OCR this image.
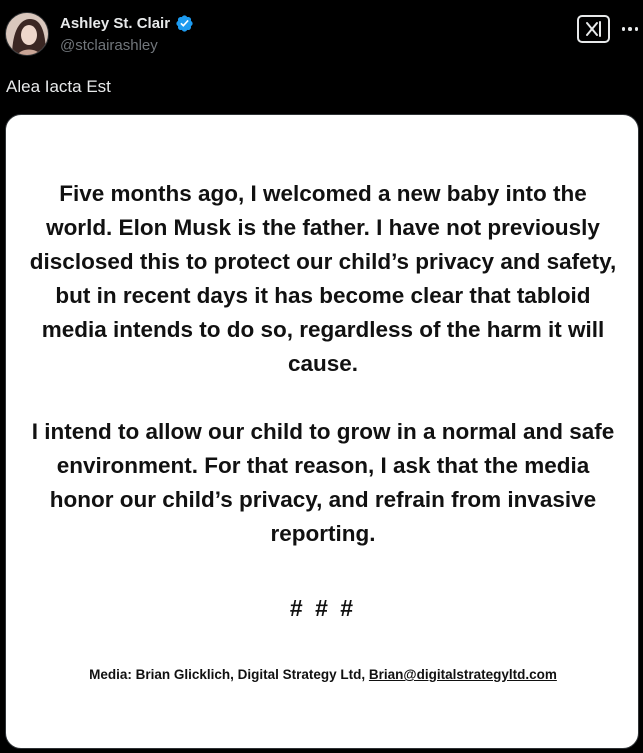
Ashley St. Clair
@stclairashley
Alea Iacta Est

Five months ago, I welcomed a new baby into the world. Elon Musk is the father. I have not previously disclosed this to protect our child’s privacy and safety, but in recent days it has become clear that tabloid media intends to do so, regardless of the harm it will cause.

I intend to allow our child to grow in a normal and safe environment. For that reason, I ask that the media honor our child’s privacy, and refrain from invasive reporting.

# # #
Media: Brian Glicklich, Digital Strategy Ltd, Brian@digitalstrategyltd.com
